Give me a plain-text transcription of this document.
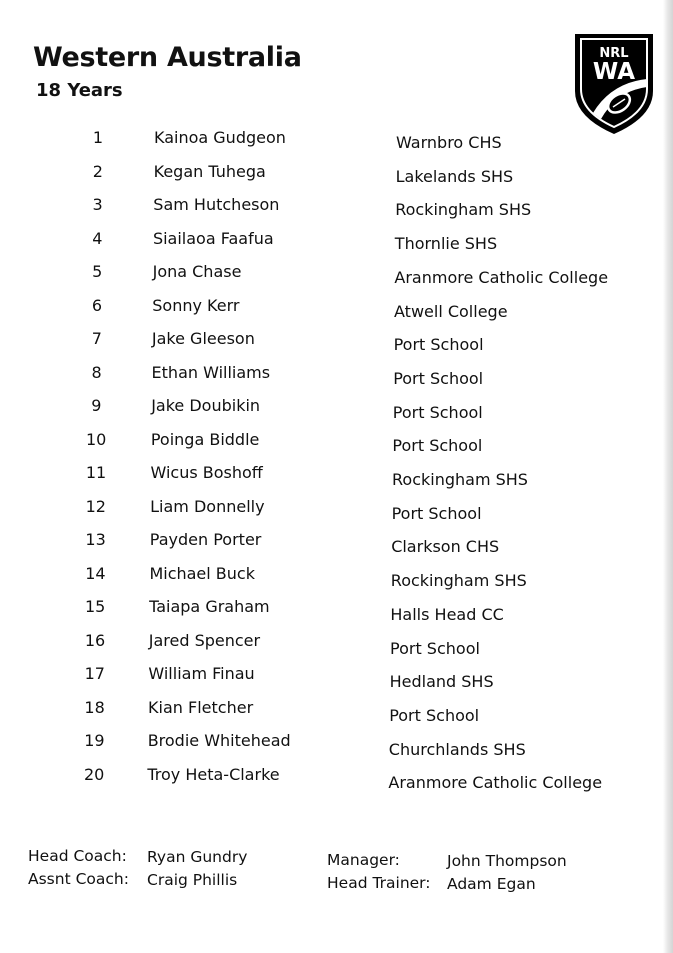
Western Australia
18 Years
NRL
WA
1	Kainoa Gudgeon	Warnbro CHS
2	Kegan Tuhega	Lakelands SHS
3	Sam Hutcheson	Rockingham SHS
4	Siailaoa Faafua	Thornlie SHS
5	Jona Chase	Aranmore Catholic College
6	Sonny Kerr	Atwell College
7	Jake Gleeson	Port School
8	Ethan Williams	Port School
9	Jake Doubikin	Port School
10	Poinga Biddle	Port School
11	Wicus Boshoff	Rockingham SHS
12	Liam Donnelly	Port School
13	Payden Porter	Clarkson CHS
14	Michael Buck	Rockingham SHS
15	Taiapa Graham	Halls Head CC
16	Jared Spencer	Port School
17	William Finau	Hedland SHS
18	Kian Fletcher	Port School
19	Brodie Whitehead	Churchlands SHS
20	Troy Heta-Clarke	Aranmore Catholic College
Head Coach: Ryan Gundry
Assnt Coach: Craig Phillis
Manager:	John Thompson
Head Trainer: Adam Egan
